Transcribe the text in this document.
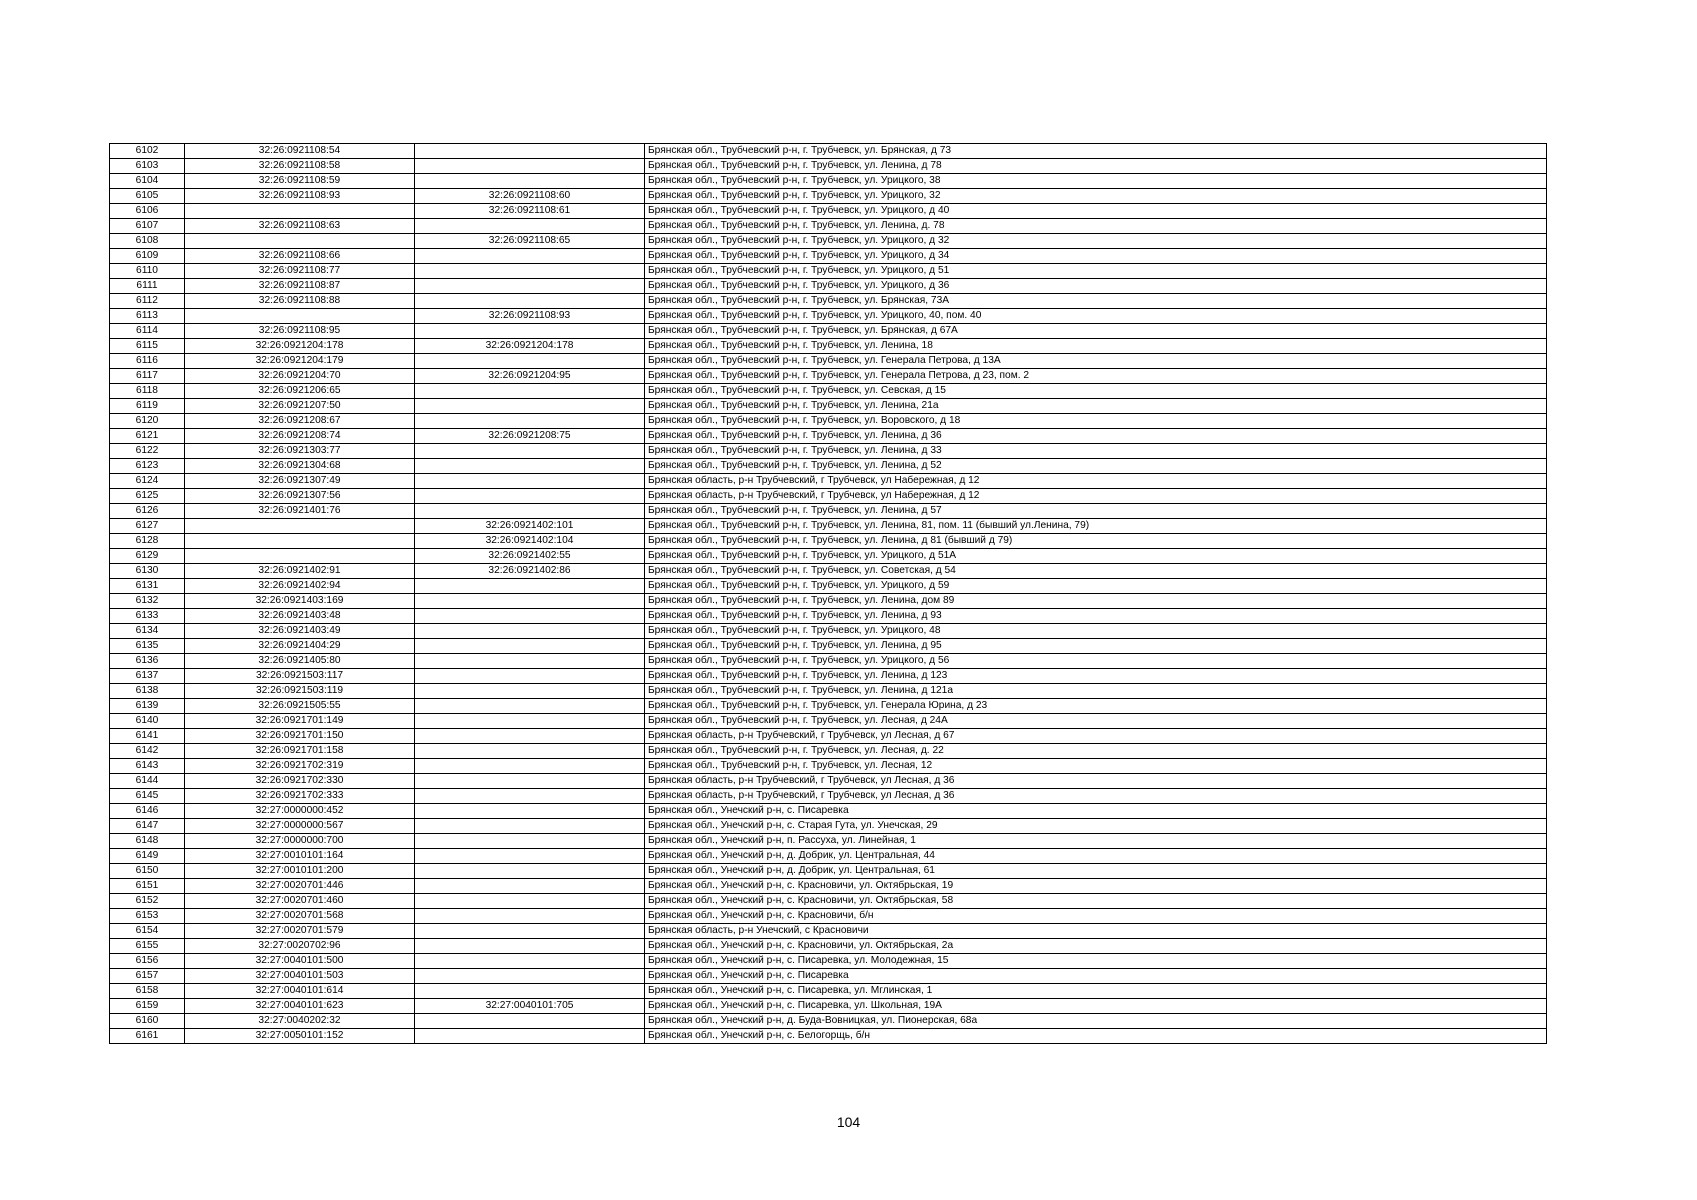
6102	32:26:0921108:54		Брянская обл., Трубчевский р-н, г. Трубчевск, ул. Брянская, д 73
6103	32:26:0921108:58		Брянская обл., Трубчевский р-н, г. Трубчевск, ул. Ленина, д 78
6104	32:26:0921108:59		Брянская обл., Трубчевский р-н, г. Трубчевск, ул. Урицкого, 38
6105	32:26:0921108:93	32:26:0921108:60	Брянская обл., Трубчевский р-н, г. Трубчевск, ул. Урицкого, 32
6106		32:26:0921108:61	Брянская обл., Трубчевский р-н, г. Трубчевск, ул. Урицкого, д 40
6107	32:26:0921108:63		Брянская обл., Трубчевский р-н, г. Трубчевск, ул. Ленина, д. 78
6108		32:26:0921108:65	Брянская обл., Трубчевский р-н, г. Трубчевск, ул. Урицкого, д 32
6109	32:26:0921108:66		Брянская обл., Трубчевский р-н, г. Трубчевск, ул. Урицкого, д 34
6110	32:26:0921108:77		Брянская обл., Трубчевский р-н, г. Трубчевск, ул. Урицкого, д 51
6111	32:26:0921108:87		Брянская обл., Трубчевский р-н, г. Трубчевск, ул. Урицкого, д 36
6112	32:26:0921108:88		Брянская обл., Трубчевский р-н, г. Трубчевск, ул. Брянская, 73А
6113		32:26:0921108:93	Брянская обл., Трубчевский р-н, г. Трубчевск, ул. Урицкого, 40, пом. 40
6114	32:26:0921108:95		Брянская обл., Трубчевский р-н, г. Трубчевск, ул. Брянская, д 67А
6115	32:26:0921204:178	32:26:0921204:178	Брянская обл., Трубчевский р-н, г. Трубчевск, ул. Ленина, 18
6116	32:26:0921204:179		Брянская обл., Трубчевский р-н, г. Трубчевск, ул. Генерала Петрова, д 13А
6117	32:26:0921204:70	32:26:0921204:95	Брянская обл., Трубчевский р-н, г. Трубчевск, ул. Генерала Петрова, д 23, пом. 2
6118	32:26:0921206:65		Брянская обл., Трубчевский р-н, г. Трубчевск, ул. Севская, д 15
6119	32:26:0921207:50		Брянская обл., Трубчевский р-н, г. Трубчевск, ул. Ленина, 21а
6120	32:26:0921208:67		Брянская обл., Трубчевский р-н, г. Трубчевск, ул. Воровского, д 18
6121	32:26:0921208:74	32:26:0921208:75	Брянская обл., Трубчевский р-н, г. Трубчевск, ул. Ленина, д 36
6122	32:26:0921303:77		Брянская обл., Трубчевский р-н, г. Трубчевск, ул. Ленина, д 33
6123	32:26:0921304:68		Брянская обл., Трубчевский р-н, г. Трубчевск, ул. Ленина, д 52
6124	32:26:0921307:49		Брянская область, р-н Трубчевский, г Трубчевск, ул Набережная, д 12
6125	32:26:0921307:56		Брянская область, р-н Трубчевский, г Трубчевск, ул Набережная, д 12
6126	32:26:0921401:76		Брянская обл., Трубчевский р-н, г. Трубчевск, ул. Ленина, д 57
6127		32:26:0921402:101	Брянская обл., Трубчевский р-н, г. Трубчевск, ул. Ленина, 81, пом. 11 (бывший ул.Ленина, 79)
6128		32:26:0921402:104	Брянская обл., Трубчевский р-н, г. Трубчевск, ул. Ленина, д 81 (бывший д 79)
6129		32:26:0921402:55	Брянская обл., Трубчевский р-н, г. Трубчевск, ул. Урицкого, д 51А
6130	32:26:0921402:91	32:26:0921402:86	Брянская обл., Трубчевский р-н, г. Трубчевск, ул. Советская, д 54
6131	32:26:0921402:94		Брянская обл., Трубчевский р-н, г. Трубчевск, ул. Урицкого, д 59
6132	32:26:0921403:169		Брянская обл., Трубчевский р-н, г. Трубчевск, ул. Ленина, дом 89
6133	32:26:0921403:48		Брянская обл., Трубчевский р-н, г. Трубчевск, ул. Ленина, д 93
6134	32:26:0921403:49		Брянская обл., Трубчевский р-н, г. Трубчевск, ул. Урицкого, 48
6135	32:26:0921404:29		Брянская обл., Трубчевский р-н, г. Трубчевск, ул. Ленина, д 95
6136	32:26:0921405:80		Брянская обл., Трубчевский р-н, г. Трубчевск, ул. Урицкого, д 56
6137	32:26:0921503:117		Брянская обл., Трубчевский р-н, г. Трубчевск, ул. Ленина, д 123
6138	32:26:0921503:119		Брянская обл., Трубчевский р-н, г. Трубчевск, ул. Ленина, д 121а
6139	32:26:0921505:55		Брянская обл., Трубчевский р-н, г. Трубчевск, ул. Генерала Юрина, д 23
6140	32:26:0921701:149		Брянская обл., Трубчевский р-н, г. Трубчевск, ул. Лесная, д 24А
6141	32:26:0921701:150		Брянская область, р-н Трубчевский, г Трубчевск, ул Лесная, д 67
6142	32:26:0921701:158		Брянская обл., Трубчевский р-н, г. Трубчевск, ул. Лесная, д. 22
6143	32:26:0921702:319		Брянская обл., Трубчевский р-н, г. Трубчевск, ул. Лесная, 12
6144	32:26:0921702:330		Брянская область, р-н Трубчевский, г Трубчевск, ул Лесная, д 36
6145	32:26:0921702:333		Брянская область, р-н Трубчевский, г Трубчевск, ул Лесная, д 36
6146	32:27:0000000:452		Брянская обл., Унечский р-н, с. Писаревка
6147	32:27:0000000:567		Брянская обл., Унечский р-н, с. Старая Гута, ул. Унечская, 29
6148	32:27:0000000:700		Брянская обл., Унечский р-н, п. Рассуха, ул. Линейная, 1
6149	32:27:0010101:164		Брянская обл., Унечский р-н, д. Добрик, ул. Центральная, 44
6150	32:27:0010101:200		Брянская обл., Унечский р-н, д. Добрик, ул. Центральная, 61
6151	32:27:0020701:446		Брянская обл., Унечский р-н, с. Красновичи, ул. Октябрьская, 19
6152	32:27:0020701:460		Брянская обл., Унечский р-н, с. Красновичи, ул. Октябрьская, 58
6153	32:27:0020701:568		Брянская обл., Унечский р-н, с. Красновичи, б/н
6154	32:27:0020701:579		Брянская область, р-н Унечский, с Красновичи
6155	32:27:0020702:96		Брянская обл., Унечский р-н, с. Красновичи, ул. Октябрьская, 2а
6156	32:27:0040101:500		Брянская обл., Унечский р-н, с. Писаревка, ул. Молодежная, 15
6157	32:27:0040101:503		Брянская обл., Унечский р-н, с. Писаревка
6158	32:27:0040101:614		Брянская обл., Унечский р-н, с. Писаревка, ул. Мглинская, 1
6159	32:27:0040101:623	32:27:0040101:705	Брянская обл., Унечский р-н, с. Писаревка, ул. Школьная, 19А
6160	32:27:0040202:32		Брянская обл., Унечский р-н, д. Буда-Вовницкая, ул. Пионерская, 68а
6161	32:27:0050101:152		Брянская обл., Унечский р-н, с. Белогорщь, б/н
104
